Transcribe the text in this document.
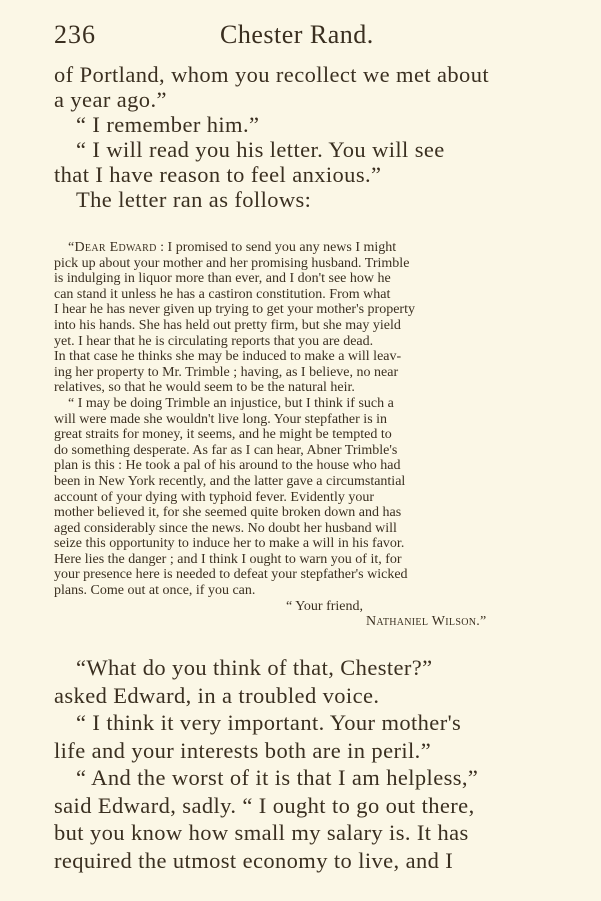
236	Chester Rand.
of Portland, whom you recollect we met about
a year ago.”
“ I remember him.”
“ I will read you his letter. You will see
that I have reason to feel anxious.”
The letter ran as follows:
“Dear Edward : I promised to send you any news I might
pick up about your mother and her promising husband. Trimble
is indulging in liquor more than ever, and I don't see how he
can stand it unless he has a castiron constitution. From what
I hear he has never given up trying to get your mother's property
into his hands. She has held out pretty firm, but she may yield
yet. I hear that he is circulating reports that you are dead.
In that case he thinks she may be induced to make a will leav-
ing her property to Mr. Trimble ; having, as I believe, no near
relatives, so that he would seem to be the natural heir.
“ I may be doing Trimble an injustice, but I think if such a
will were made she wouldn't live long. Your stepfather is in
great straits for money, it seems, and he might be tempted to
do something desperate. As far as I can hear, Abner Trimble's
plan is this : He took a pal of his around to the house who had
been in New York recently, and the latter gave a circumstantial
account of your dying with typhoid fever. Evidently your
mother believed it, for she seemed quite broken down and has
aged considerably since the news. No doubt her husband will
seize this opportunity to induce her to make a will in his favor.
Here lies the danger ; and I think I ought to warn you of it, for
your presence here is needed to defeat your stepfather's wicked
plans. Come out at once, if you can.
“ Your friend,
Nathaniel Wilson.”
“What do you think of that, Chester?”
asked Edward, in a troubled voice.
“ I think it very important. Your mother's
life and your interests both are in peril.”
“ And the worst of it is that I am helpless,”
said Edward, sadly. “ I ought to go out there,
but you know how small my salary is. It has
required the utmost economy to live, and I
